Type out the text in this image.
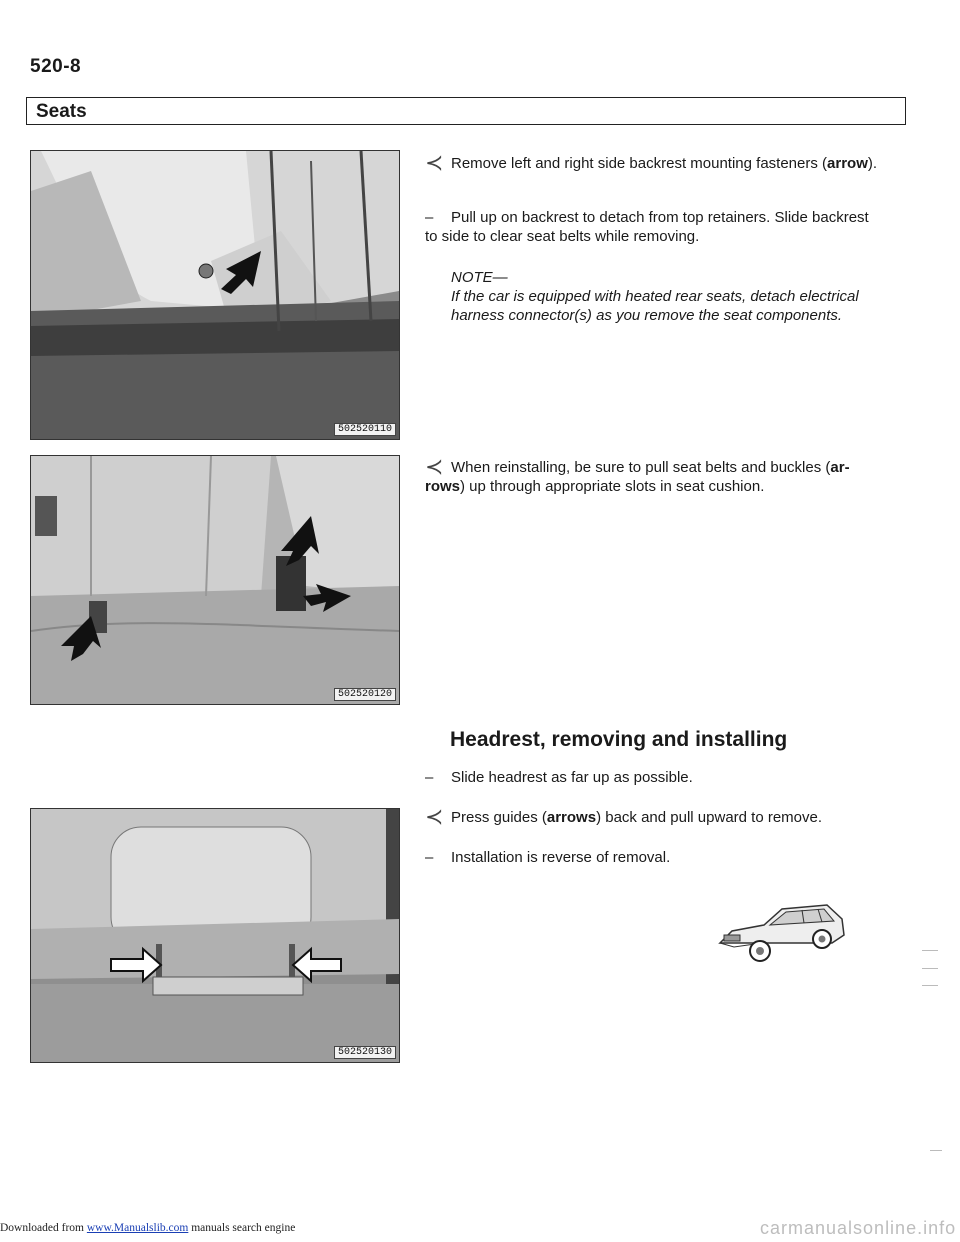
520-8
Seats
502520110
502520120
502520130
≺ Remove left and right side backrest mounting fasteners (arrow).
– Pull up on backrest to detach from top retainers. Slide backrest to side to clear seat belts while removing.
NOTE—
If the car is equipped with heated rear seats, detach electrical harness connector(s) as you remove the seat components.
≺ When reinstalling, be sure to pull seat belts and buckles (arrows) up through appropriate slots in seat cushion.
Headrest, removing and installing
– Slide headrest as far up as possible.
≺ Press guides (arrows) back and pull upward to remove.
– Installation is reverse of removal.
Downloaded from www.Manualslib.com manuals search engine	carmanualsonline.info
